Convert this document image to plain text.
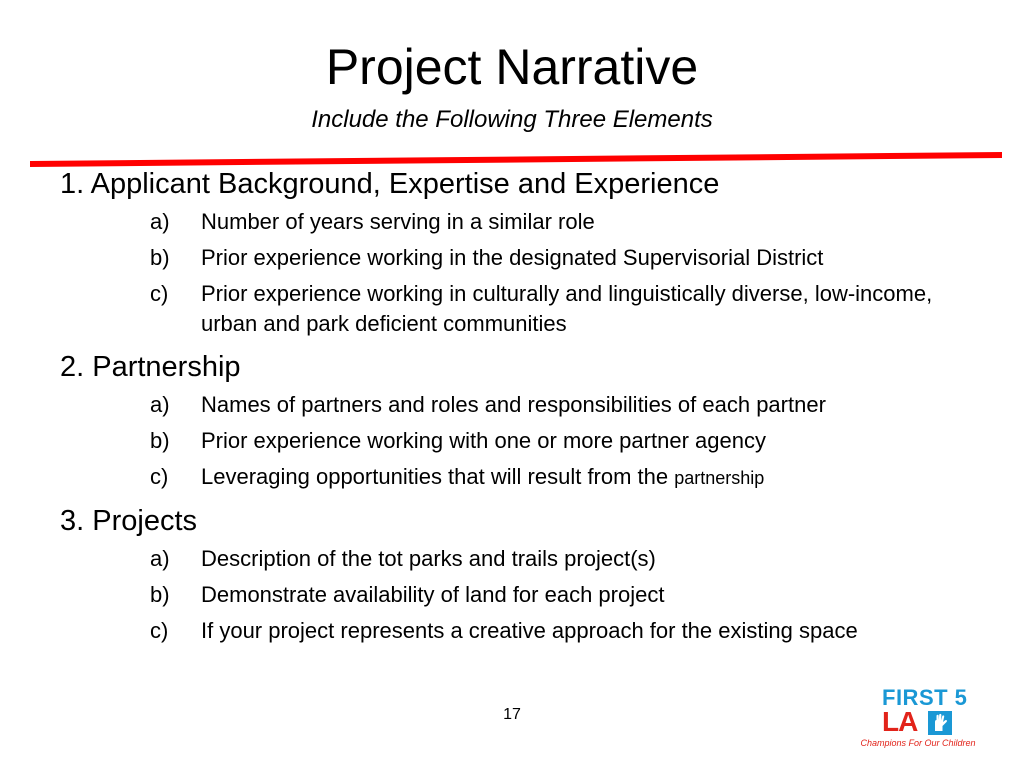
Project Narrative
Include the Following Three Elements
1. Applicant Background, Expertise and Experience
a) Number of years serving in a similar role
b) Prior experience working in the designated Supervisorial District
c) Prior experience working in culturally and linguistically diverse, low-income, urban and park deficient communities
2. Partnership
a) Names of partners and roles and responsibilities of each partner
b) Prior experience working with one or more partner agency
c) Leveraging opportunities that will result from the partnership
3. Projects
a) Description of the tot parks and trails project(s)
b) Demonstrate availability of land for each project
c) If your project represents a creative approach for the existing space
17
FIRST 5
LA
Champions For Our Children
